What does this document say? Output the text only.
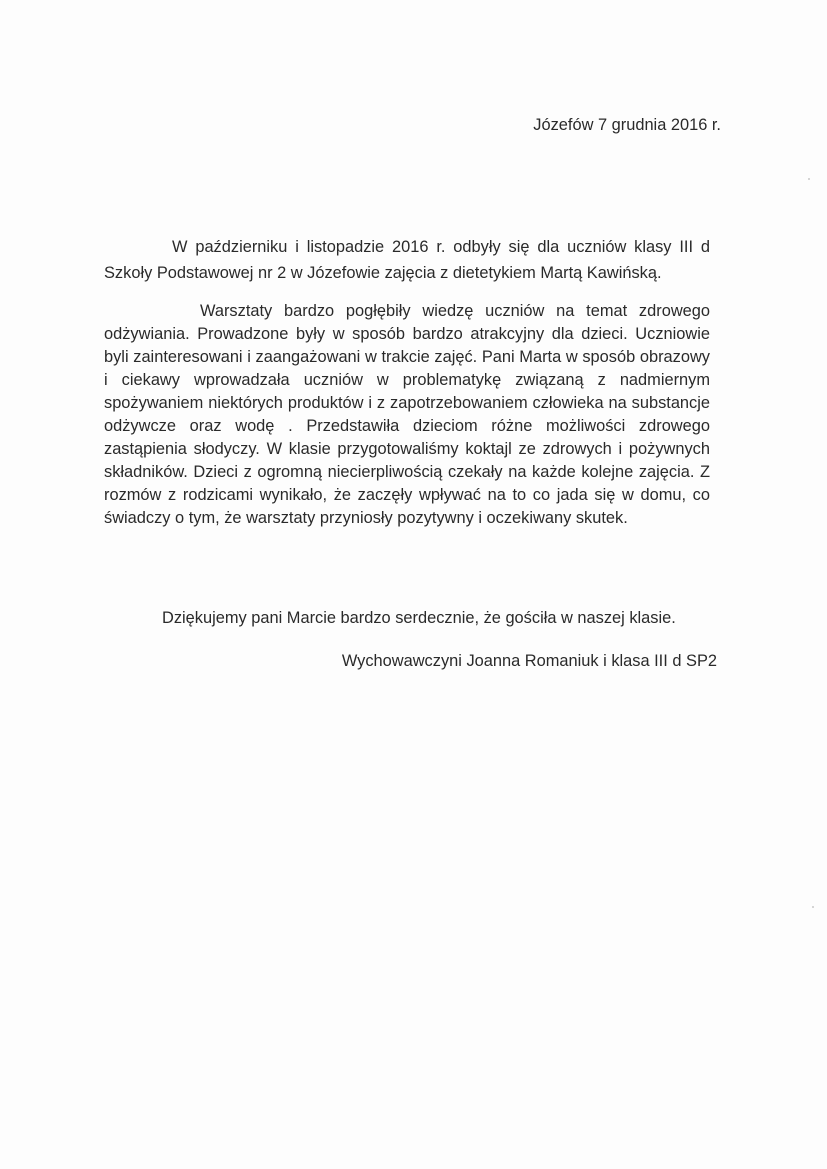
Józefów 7 grudnia 2016 r.
W październiku i listopadzie 2016 r. odbyły się dla uczniów klasy III d Szkoły Podstawowej nr 2 w Józefowie zajęcia z dietetykiem Martą Kawińską.
Warsztaty bardzo pogłębiły wiedzę uczniów na temat zdrowego odżywiania. Prowadzone były w sposób bardzo atrakcyjny dla dzieci. Uczniowie byli zainteresowani i zaangażowani w trakcie zajęć. Pani Marta w sposób obrazowy i ciekawy wprowadzała uczniów w problematykę związaną z nadmiernym spożywaniem niektórych produktów i z zapotrzebowaniem człowieka na substancje odżywcze oraz wodę . Przedstawiła dzieciom różne możliwości zdrowego zastąpienia słodyczy. W klasie przygotowaliśmy koktajl ze zdrowych i pożywnych składników. Dzieci z ogromną niecierpliwością czekały na każde kolejne zajęcia. Z rozmów z rodzicami wynikało, że zaczęły wpływać na to co jada się w domu, co świadczy o tym, że warsztaty przyniosły pozytywny i oczekiwany skutek.
Dziękujemy pani Marcie bardzo serdecznie, że gościła w naszej klasie.
Wychowawczyni Joanna Romaniuk i klasa III d SP2
